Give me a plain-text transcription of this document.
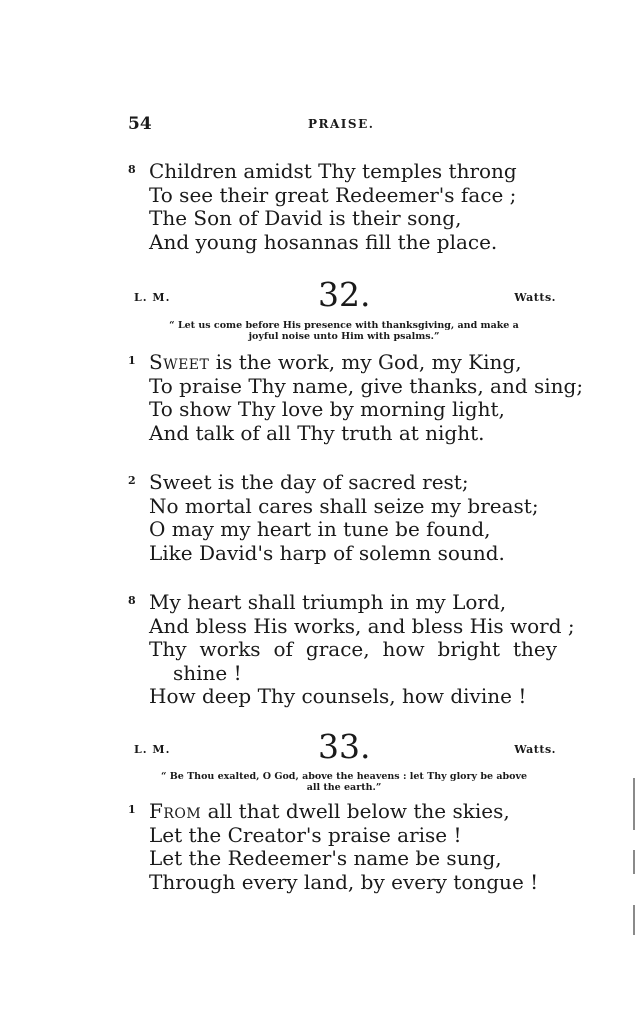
54	PRAISE.
8 Children amidst Thy temples throng
To see their great Redeemer's face ;
The Son of David is their song,
And young hosannas fill the place.
L. M.	32.	Watts.
“ Let us come before His presence with thanksgiving, and make a
joyful noise unto Him with psalms.”
1 Sweet is the work, my God, my King,
To praise Thy name, give thanks, and sing;
To show Thy love by morning light,
And talk of all Thy truth at night.
2 Sweet is the day of sacred rest;
No mortal cares shall seize my breast;
O may my heart in tune be found,
Like David's harp of solemn sound.
8 My heart shall triumph in my Lord,
And bless His works, and bless His word ;
Thy works of grace, how bright they
shine !
How deep Thy counsels, how divine !
L. M.	33.	Watts.
“ Be Thou exalted, O God, above the heavens : let Thy glory be above
all the earth.”
1 From all that dwell below the skies,
Let the Creator's praise arise !
Let the Redeemer's name be sung,
Through every land, by every tongue !
